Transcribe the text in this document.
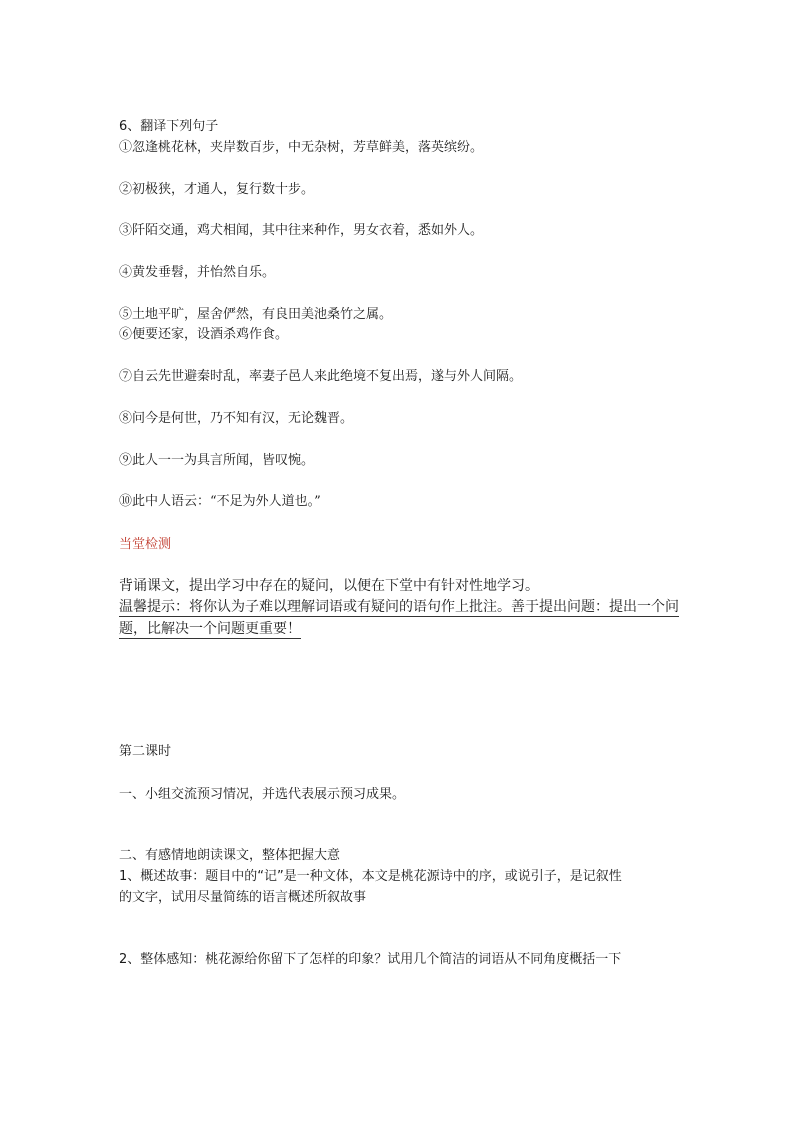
6、翻译下列句子
①忽逢桃花林，夹岸数百步，中无杂树，芳草鲜美，落英缤纷。
②初极狭，才通人，复行数十步。
③阡陌交通，鸡犬相闻，其中往来种作，男女衣着，悉如外人。
④黄发垂髫，并怡然自乐。
⑤土地平旷，屋舍俨然，有良田美池桑竹之属。
⑥便要还家，设酒杀鸡作食。
⑦自云先世避秦时乱，率妻子邑人来此绝境不复出焉，遂与外人间隔。
⑧问今是何世，乃不知有汉，无论魏晋。
⑨此人一一为具言所闻，皆叹惋。
⑩此中人语云：“不足为外人道也。”
当堂检测
背诵课文，提出学习中存在的疑问，以便在下堂中有针对性地学习。
温馨提示：将你认为子难以理解词语或有疑问的语句作上批注。善于提出问题：提出一个问
题，比解决一个问题更重要！
第二课时
一、小组交流预习情况，并选代表展示预习成果。
二、有感情地朗读课文，整体把握大意
1、概述故事：题目中的“记”是一种文体，本文是桃花源诗中的序，或说引子，是记叙性
的文字，试用尽量简练的语言概述所叙故事
2、整体感知：桃花源给你留下了怎样的印象？试用几个简洁的词语从不同角度概括一下
